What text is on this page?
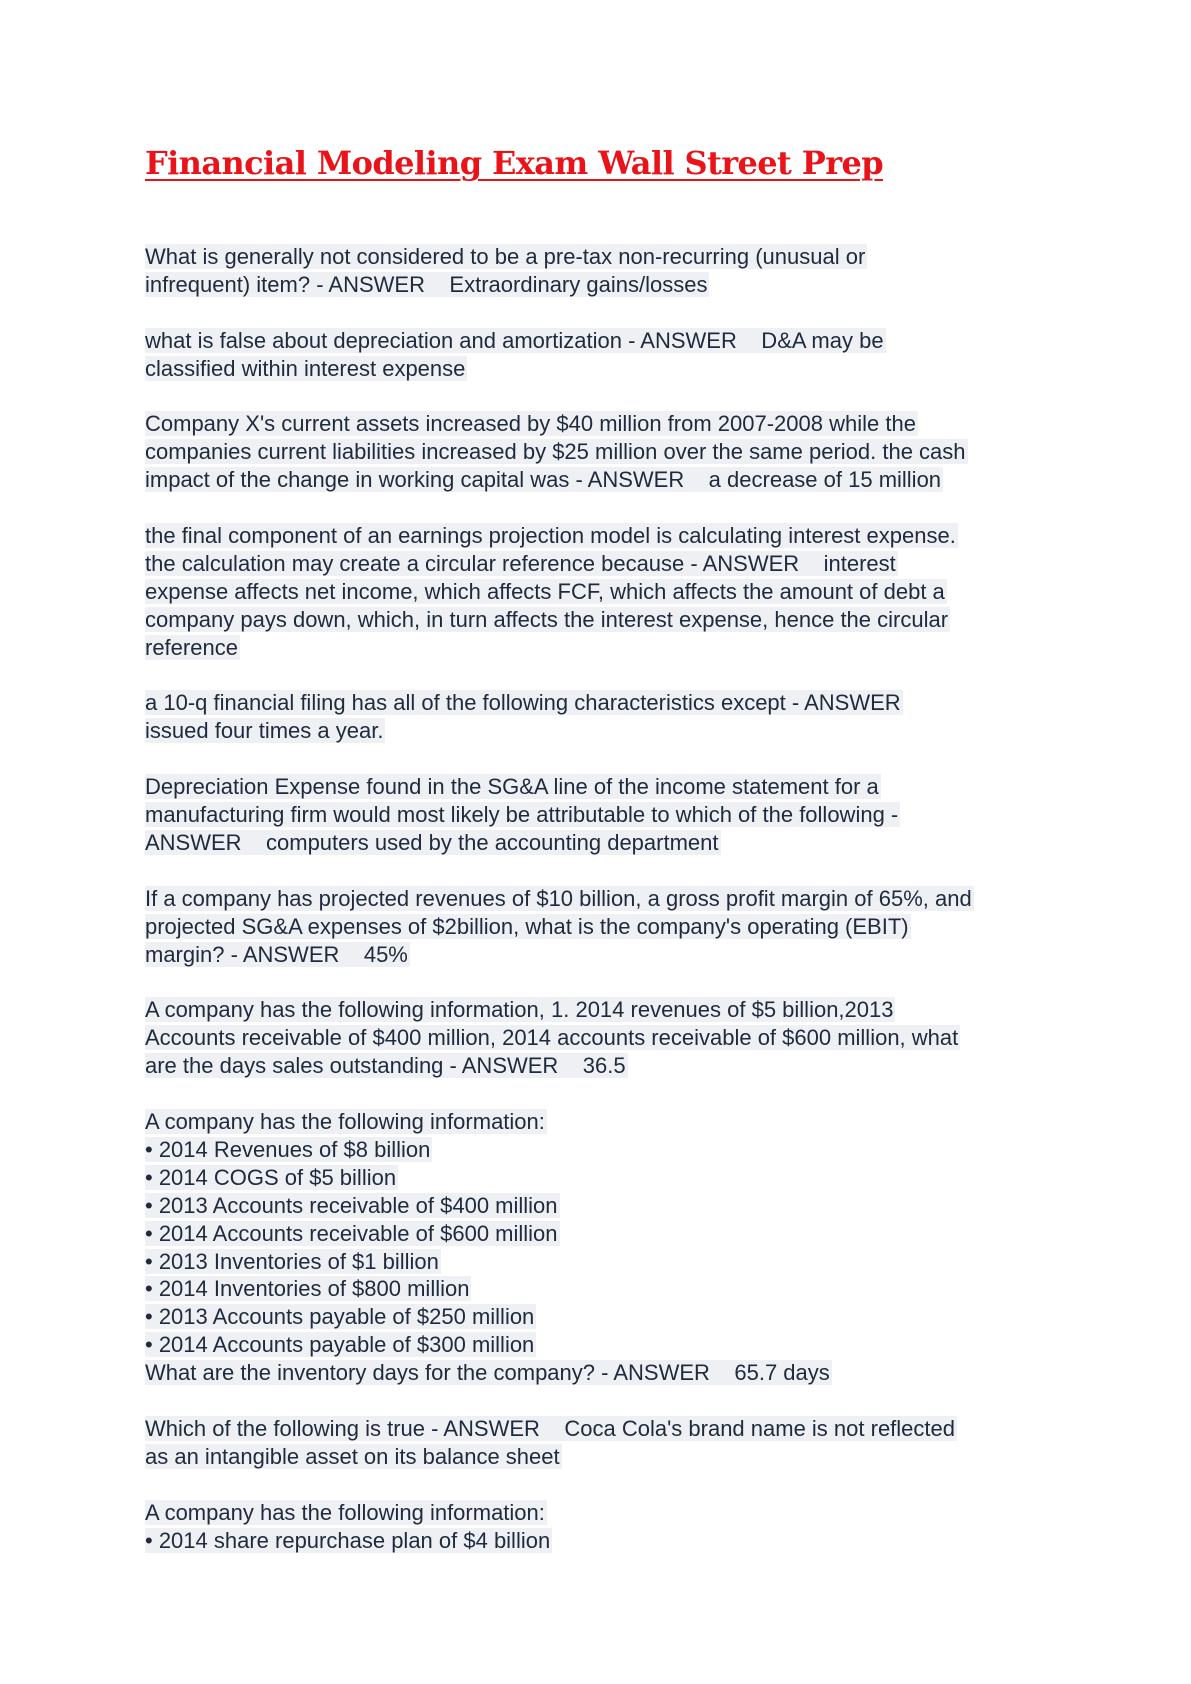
Financial Modeling Exam Wall Street Prep
What is generally not considered to be a pre-tax non-recurring (unusual or
infrequent) item? - ANSWER    Extraordinary gains/losses
what is false about depreciation and amortization - ANSWER    D&A may be
classified within interest expense
Company X's current assets increased by $40 million from 2007-2008 while the
companies current liabilities increased by $25 million over the same period. the cash
impact of the change in working capital was - ANSWER    a decrease of 15 million
the final component of an earnings projection model is calculating interest expense.
the calculation may create a circular reference because - ANSWER    interest
expense affects net income, which affects FCF, which affects the amount of debt a
company pays down, which, in turn affects the interest expense, hence the circular
reference
a 10-q financial filing has all of the following characteristics except - ANSWER
issued four times a year.
Depreciation Expense found in the SG&A line of the income statement for a
manufacturing firm would most likely be attributable to which of the following -
ANSWER    computers used by the accounting department
If a company has projected revenues of $10 billion, a gross profit margin of 65%, and
projected SG&A expenses of $2billion, what is the company's operating (EBIT)
margin? - ANSWER    45%
A company has the following information, 1. 2014 revenues of $5 billion,2013
Accounts receivable of $400 million, 2014 accounts receivable of $600 million, what
are the days sales outstanding - ANSWER    36.5
A company has the following information:
• 2014 Revenues of $8 billion
• 2014 COGS of $5 billion
• 2013 Accounts receivable of $400 million
• 2014 Accounts receivable of $600 million
• 2013 Inventories of $1 billion
• 2014 Inventories of $800 million
• 2013 Accounts payable of $250 million
• 2014 Accounts payable of $300 million
What are the inventory days for the company? - ANSWER    65.7 days
Which of the following is true - ANSWER    Coca Cola's brand name is not reflected
as an intangible asset on its balance sheet
A company has the following information:
• 2014 share repurchase plan of $4 billion
